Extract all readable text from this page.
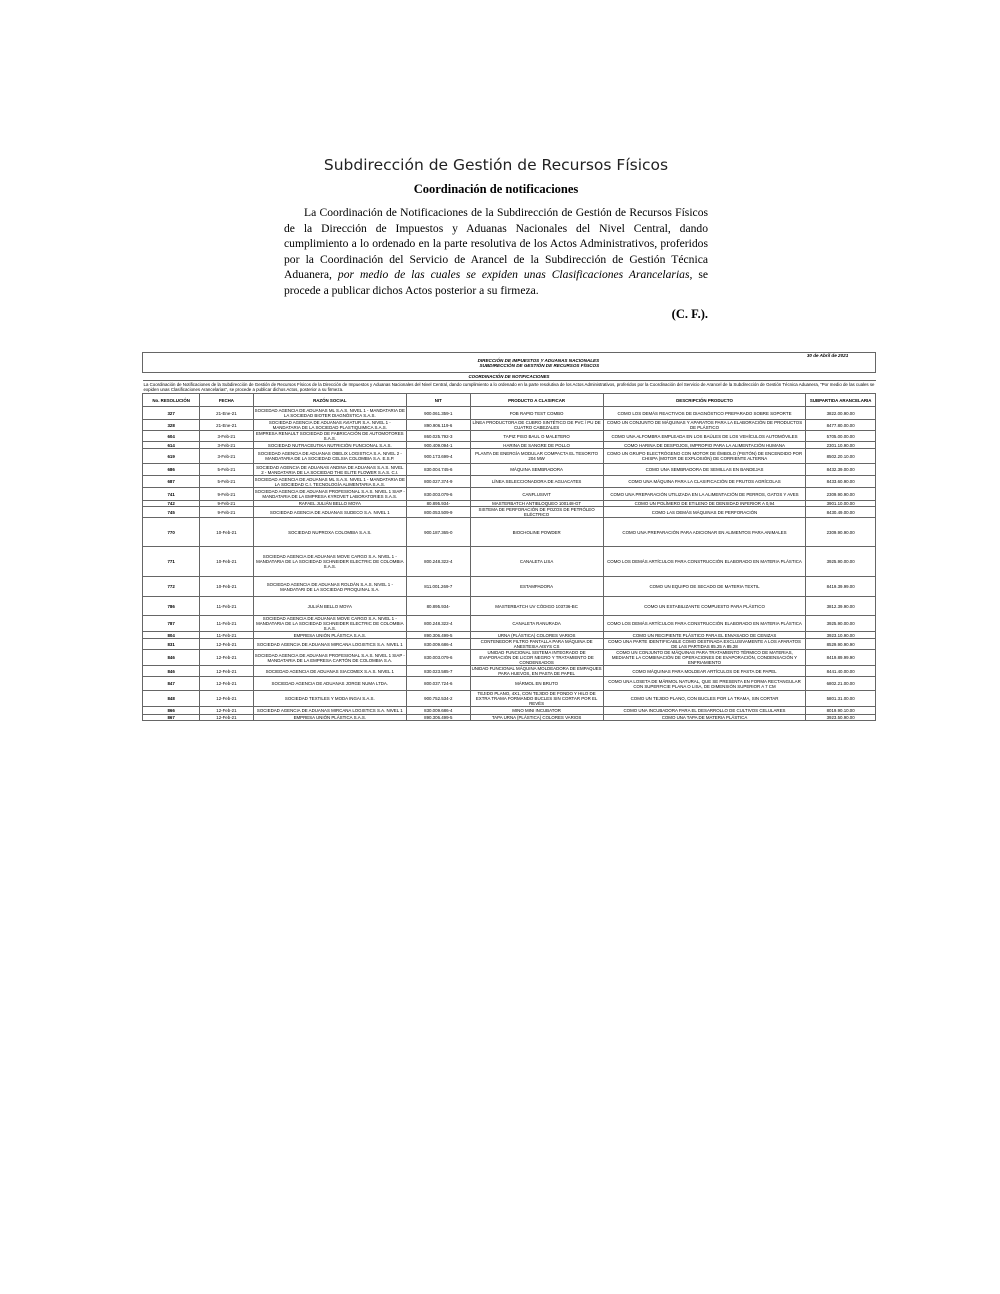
Subdirección de Gestión de Recursos Físicos
Coordinación de notificaciones

La Coordinación de Notificaciones de la Subdirección de Gestión de Recursos Físicos de la Dirección de Impuestos y Aduanas Nacionales del Nivel Central, dando cumplimiento a lo ordenado en la parte resolutiva de los Actos Administrativos, proferidos por la Coordinación del Servicio de Arancel de la Subdirección de Gestión Técnica Aduanera, por medio de las cuales se expiden unas Clasificaciones Arancelarias, se procede a publicar dichos Actos posterior a su firmeza.

(C. F.).
DIRECCIÓN DE IMPUESTOS Y ADUANAS NACIONALES
SUBDIRECCIÓN DE GESTIÓN DE RECURSOS FÍSICOS						30 de Abril de 2021
COORDINACIÓN DE NOTIFICACIONES						
La Coordinación de Notificaciones de la Subdirección de Gestión de Recursos Físicos de la Dirección de Impuestos y Aduanas Nacionales del Nivel Central, dando cumplimiento a lo ordenado en la parte resolutiva de los Actos Administrativos, proferidos por la Coordinación del Servicio de Arancel de la Subdirección de Gestión Técnica Aduanera, "Por medio de las cuales se expiden unas Clasificaciones Arancelarias", se procede a publicar dichos Actos, posterior a su firmeza.						
No. RESOLUCIÓN	FECHA	RAZÓN SOCIAL	NIT	PRODUCTO A CLASIFICAR	DESCRIPCIÓN PRODUCTO	SUBPARTIDA ARANCELARIA
327	21-Ene-21	SOCIEDAD AGENCIA DE ADUANAS ML S.A.S. NIVEL 1 - MANDATARIA DE LA SOCIEDAD BIOTER DIAGNÓSTICA S.A.S.	900.061.359-1	FOB RAPID TEST COMBO	COMO LOS DEMÁS REACTIVOS DE DIAGNÓSTICO PREPARADO SOBRE SOPORTE	3822.00.90.00
328	21-Ene-21	SOCIEDAD AGENCIA DE ADUANAS AVIATUR S.A. NIVEL 1 - MANDATARIA DE LA SOCIEDAD PLASTIQUIMICA S.A.S.	890.906.119-6	LÍNEA PRODUCTORA DE CUBRO SINTÉTICO DE PVC / PU DE CUATRO CABEZALES	COMO UN CONJUNTO DE MÁQUINAS Y APARATOS PARA LA ELABORACIÓN DE PRODUCTOS DE PLÁSTICO	8477.80.00.00
604	3-Feb-21	EMPRESA RENAULT SOCIEDAD DE FABRICACIÓN DE AUTOMOTORES S.A.S.	860.025.792-3	TAPIZ PISO BAUL O MALETERO	COMO UNA ALFOMBRA EMPLEADA EN LOS BAÚLES DE LOS VEHÍCULOS AUTOMÓVILES	5705.00.00.00
614	3-Feb-21	SOCIEDAD NUTRACEUTIKA NUTRICIÓN FUNCIONAL S.A.S.	900.409.094-1	HARINA DE SANGRE DE POLLO	COMO HARINA DE DESPOJOS, IMPROPIO PARA LA ALIMENTACIÓN HUMANA	2301.10.90.00
619	3-Feb-21	SOCIEDAD AGENCIA DE ADUANAS OBELIX LOGISTICA S.A. NIVEL 2 - MANDATARIA DE LA SOCIEDAD CELSIA COLOMBIA S.A. E.S.P.	900.173.699-4	PLANTA DE ENERGÍA MODULAR COMPACTA EL TESORITO 204 MW	COMO UN GRUPO ELECTRÓGENO CON MOTOR DE ÉMBOLO (PISTÓN) DE ENCENDIDO POR CHISPA (MOTOR DE EXPLOSIÓN) DE CORRIENTE ALTERNA	8502.20.10.00
686	5-Feb-21	SOCIEDAD AGENCIA DE ADUANAS ANDINA DE ADUANAS S.A.S. NIVEL 2 - MANDATARIA DE LA SOCIEDAD THE ELITE FLOWER S.A.S. C.I.	830.004.745-6	MÁQUINA SEMBRADORA	COMO UNA SEMBRADORA DE SEMILLAS EN BANDEJAS	8432.39.00.00
687	5-Feb-21	SOCIEDAD AGENCIA DE ADUANAS ML S.A.S. NIVEL 1 - MANDATARIA DE LA SOCIEDAD C.I. TECNOLOGÍA ALIMENTARIA S.A.S.	800.027.374-9	LÍNEA SELECCIONADORA DE AGUACATES	COMO UNA MÁQUINA PARA LA CLASIFICACIÓN DE FRUTOS AGRÍCOLAS	8433.60.90.00
741	9-Feb-21	SOCIEDAD AGENCIA DE ADUANAS PROFESIONAL S.A.S. NIVEL 1 SIAP - MANDATARIA DE LA EMPRESA KYROVET LABORATORIES S.A.S.	830.003.079-6	CANFLUSIVIT	COMO UNA PREPARACIÓN UTILIZADA EN LA ALIMENTACIÓN DE PERROS, GATOS Y AVES	2309.90.90.00
742	9-Feb-21	RAFAEL JULIÁN BELLO MOYA	80.895.934-	MASTERBATCH ANTIBLOQUEO 100148-GT	COMO UN POLÍMERO DE ETILENO DE DENSIDAD INFERIOR A 0,94	3901.10.00.00
745	9-Feb-21	SOCIEDAD AGENCIA DE ADUANAS SUDECO S.A. NIVEL 1	800.053.509-9	SISTEMA DE PERFORACIÓN DE POZOS DE PETRÓLEO ELÉCTRICO	COMO LAS DEMÁS MÁQUINAS DE PERFORACIÓN	8430.49.00.00
770	10-Feb-21	SOCIEDAD NUPROXA COLOMBIA S.A.S.	900.187.365-0	BIOCHOLINE POWDER	COMO UNA PREPARACIÓN PARA ADICIONAR EN ALIMENTOS PARA ANIMALES	2309.90.90.00
771	10-Feb-21	SOCIEDAD AGENCIA DE ADUANAS MOVE CARGO S.A. NIVEL 1 - MANDATARIA DE LA SOCIEDAD SCHNEIDER ELECTRIC DE COLOMBIA S.A.S.	800.248.322-4	CANALETA LISA	COMO LOS DEMÁS ARTÍCULOS PARA CONSTRUCCIÓN ELABORADO EN MATERIA PLÁSTICA	3925.90.00.00
772	10-Feb-21	SOCIEDAD AGENCIA DE ADUANAS ROLDÁN S.A.S. NIVEL 1 - MANDATARI DE LA SOCIEDAD PROQUINAL S.A.	811.001.269-7	ESTAMPADORA	COMO UN EQUIPO DE SECADO DE MATERIA TEXTIL	8419.39.99.00
786	11-Feb-21	JULIÁN BELLO MOYA	80.895.934-	MASTERBATCH UV CÓDIGO 103736-BC	COMO UN ESTABILIZANTE COMPUESTO PARA PLÁSTICO	3812.39.90.00
787	11-Feb-21	SOCIEDAD AGENCIA DE ADUANAS MOVE CARGO S.A. NIVEL 1 - MANDATARIA DE LA SOCIEDAD SCHNEIDER ELECTRIC DE COLOMBIA S.A.S.	800.248.322-4	CANALETA RANURADA	COMO LOS DEMÁS ARTÍCULOS PARA CONSTRUCCIÓN ELABORADO EN MATERIA PLÁSTICA	3925.90.00.00
804	11-Feb-21	EMPRESA UNIÓN PLÁSTICA S.A.S.	890.306.499-5	URNA (PLÁSTICA) COLORES VARIOS	COMO UN RECIPIENTE PLÁSTICO PARA EL ENVASADO DE CENIZAS	3923.10.90.00
831	12-Feb-21	SOCIEDAD AGENCIA DE ADUANAS MIRCANA LOGISTICS S.A. NIVEL 1	830.009.686-4	CONTENEDOR FILTRO PANTALLA PARA MÁQUINA DE ANESTESIA AISYS CS	COMO UNA PARTE IDENTIFICABLE COMO DESTINADA EXCLUSIVAMENTE A LOS APARATOS DE LAS PARTIDAS 85.25 A 85.28	8529.90.90.90
846	12-Feb-21	SOCIEDAD AGENCIA DE ADUANAS PROFESIONAL S.A.S. NIVEL 1 SIAP - MANDATARIA DE LA EMPRESA CARTÓN DE COLOMBIA S.A.	830.003.079-6	UNIDAD FUNCIONAL SISTEMA INTEGRADO DE EVAPORACIÓN DE LICOR NEGRO Y TRATAMIENTO DE CONDENSADOS	COMO UN CONJUNTO DE MÁQUINAS PARA TRATAMIENTO TÉRMICO DE MATERIAS, MEDIANTE LA COMBINACIÓN DE OPERACIONES DE EVAPORACIÓN, CONDENSACIÓN Y ENFRIAMIENTO	8419.89.99.90
846	12-Feb-21	SOCIEDAD AGENCIA DE ADUANAS SIACOMEX S.A.S. NIVEL 1	830.023.585-7	UNIDAD FUNCIONAL MÁQUINA MOLDEADORA DE EMPAQUES PARA HUEVOS, EN PASTA DE PAPEL	COMO MÁQUINAS PARA MOLDEAR ARTÍCULOS DE PASTA DE PAPEL	8441.40.00.00
847	12-Feb-21	SOCIEDAD AGENCIA DE ADUANAS JORGE NUMA LTDA.	800.037.724-6	MÁRMOL EN BRUTO	COMO UNA LOSETA DE MÁRMOL NATURAL, QUE SE PRESENTA EN FORMA RECTANGULAR CON SUPERFICIE PLANA O LISA, DE DIMENSIÓN SUPERIOR A 7 CM	6802.21.00.00
848	12-Feb-21	SOCIEDAD TEXTILES Y MODA INGAI S.A.S.	900.752.534-2	TEJIDO PLANO, 4X1, CON TEJIDO DE FONDO Y HILO DE EXTRA TRAMA FORMANDO BUCLES SIN CORTAR POR EL REVÉS	COMO UN TEJIDO PLANO, CON BUCLES POR LA TRAMA, SIN CORTAR	5801.31.00.00
866	12-Feb-21	SOCIEDAD AGENCIA DE ADUANAS MIRCANA LOGISTICS S.A. NIVEL 1	830.009.686-4	MINO MINI INCUBATOR	COMO UNA INCUBADORA PARA EL DESARROLLO DE CULTIVOS CELULARES	8019.90.10.00
867	12-Feb-21	EMPRESA UNIÓN PLÁSTICA S.A.S.	890.306.499-5	TAPA URNA (PLÁSTICA) COLORES VARIOS	COMO UNA TAPA DE MATERIA PLÁSTICA	3923.50.90.00
